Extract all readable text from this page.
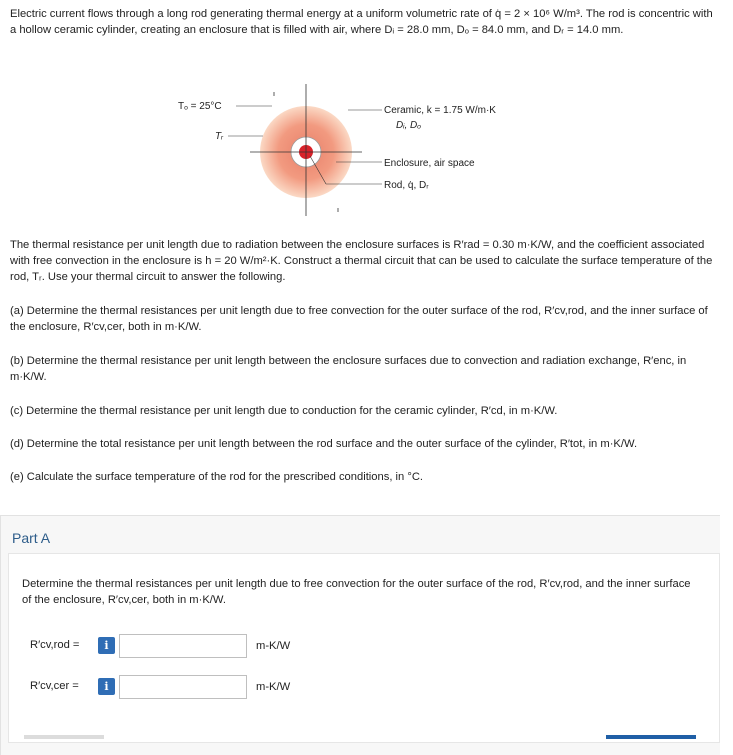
Electric current flows through a long rod generating thermal energy at a uniform volumetric rate of q̇ = 2 × 10⁶ W/m³. The rod is concentric with a hollow ceramic cylinder, creating an enclosure that is filled with air, where Dᵢ = 28.0 mm, Dₒ = 84.0 mm, and Dᵣ = 14.0 mm.
Tₒ = 25°C
Tᵣ
Ceramic, k = 1.75 W/m·K
Dᵢ, Dₒ
Enclosure, air space
Rod, q̇, Dᵣ
The thermal resistance per unit length due to radiation between the enclosure surfaces is R′rad = 0.30 m·K/W, and the coefficient associated with free convection in the enclosure is h = 20 W/m²·K. Construct a thermal circuit that can be used to calculate the surface temperature of the rod, Tᵣ. Use your thermal circuit to answer the following.
(a) Determine the thermal resistances per unit length due to free convection for the outer surface of the rod, R′cv,rod, and the inner surface of the enclosure, R′cv,cer, both in m·K/W.
(b) Determine the thermal resistance per unit length between the enclosure surfaces due to convection and radiation exchange, R′enc, in m·K/W.
(c) Determine the thermal resistance per unit length due to conduction for the ceramic cylinder, R′cd, in m·K/W.
(d) Determine the total resistance per unit length between the rod surface and the outer surface of the cylinder, R′tot, in m·K/W.
(e) Calculate the surface temperature of the rod for the prescribed conditions, in °C.
Part A
Determine the thermal resistances per unit length due to free convection for the outer surface of the rod, R′cv,rod, and the inner surface of the enclosure, R′cv,cer, both in m·K/W.
R′cv,rod =	i	m-K/W
R′cv,cer =	i	m-K/W
